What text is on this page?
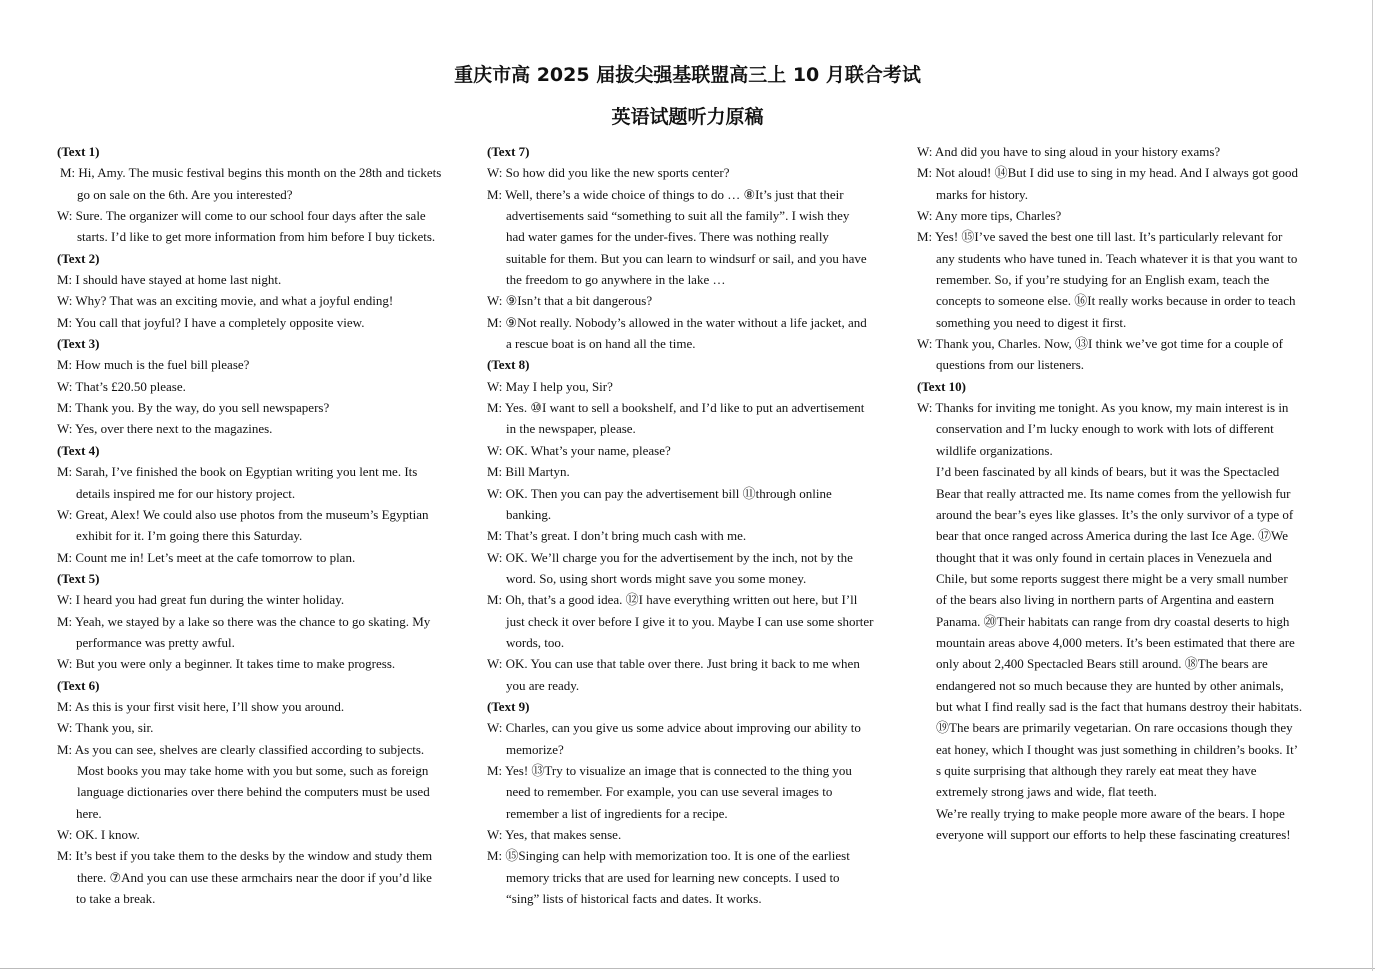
重庆市高 2025 届拔尖强基联盟高三上 10 月联合考试
英语试题听力原稿
(Text 1)
M: Hi, Amy. The music festival begins this month on the 28th and tickets
go on sale on the 6th. Are you interested?
W: Sure. The organizer will come to our school four days after the sale
starts. I’d like to get more information from him before I buy tickets.
(Text 2)
M: I should have stayed at home last night.
W: Why? That was an exciting movie, and what a joyful ending!
M: You call that joyful? I have a completely opposite view.
(Text 3)
M: How much is the fuel bill please?
W: That’s £20.50 please.
M: Thank you. By the way, do you sell newspapers?
W: Yes, over there next to the magazines.
(Text 4)
M: Sarah, I’ve finished the book on Egyptian writing you lent me. Its
details inspired me for our history project.
W: Great, Alex! We could also use photos from the museum’s Egyptian
exhibit for it. I’m going there this Saturday.
M: Count me in! Let’s meet at the cafe tomorrow to plan.
(Text 5)
W: I heard you had great fun during the winter holiday.
M: Yeah, we stayed by a lake so there was the chance to go skating. My
performance was pretty awful.
W: But you were only a beginner. It takes time to make progress.
(Text 6)
M: As this is your first visit here, I’ll show you around.
W: Thank you, sir.
M: As you can see, shelves are clearly classified according to subjects.
Most books you may take home with you but some, such as foreign
language dictionaries over there behind the computers must be used
here.
W: OK. I know.
M: It’s best if you take them to the desks by the window and study them
there. ⑦And you can use these armchairs near the door if you’d like
to take a break.
(Text 7)
W: So how did you like the new sports center?
M: Well, there’s a wide choice of things to do … ⑧It’s just that their
advertisements said “something to suit all the family”. I wish they
had water games for the under-fives. There was nothing really
suitable for them. But you can learn to windsurf or sail, and you have
the freedom to go anywhere in the lake …
W: ⑨Isn’t that a bit dangerous?
M: ⑨Not really. Nobody’s allowed in the water without a life jacket, and
a rescue boat is on hand all the time.
(Text 8)
W: May I help you, Sir?
M: Yes. ⑩I want to sell a bookshelf, and I’d like to put an advertisement
in the newspaper, please.
W: OK. What’s your name, please?
M: Bill Martyn.
W: OK. Then you can pay the advertisement bill ⑪through online
banking.
M: That’s great. I don’t bring much cash with me.
W: OK. We’ll charge you for the advertisement by the inch, not by the
word. So, using short words might save you some money.
M: Oh, that’s a good idea. ⑫I have everything written out here, but I’ll
just check it over before I give it to you. Maybe I can use some shorter
words, too.
W: OK. You can use that table over there. Just bring it back to me when
you are ready.
(Text 9)
W: Charles, can you give us some advice about improving our ability to
memorize?
M: Yes! ⑬Try to visualize an image that is connected to the thing you
need to remember. For example, you can use several images to
remember a list of ingredients for a recipe.
W: Yes, that makes sense.
M: ⑮Singing can help with memorization too. It is one of the earliest
memory tricks that are used for learning new concepts. I used to
“sing” lists of historical facts and dates. It works.
W: And did you have to sing aloud in your history exams?
M: Not aloud! ⑭But I did use to sing in my head. And I always got good
marks for history.
W: Any more tips, Charles?
M: Yes! ⑮I’ve saved the best one till last. It’s particularly relevant for
any students who have tuned in. Teach whatever it is that you want to
remember. So, if you’re studying for an English exam, teach the
concepts to someone else. ⑯It really works because in order to teach
something you need to digest it first.
W: Thank you, Charles. Now, ⑬I think we’ve got time for a couple of
questions from our listeners.
(Text 10)
W: Thanks for inviting me tonight. As you know, my main interest is in
conservation and I’m lucky enough to work with lots of different
wildlife organizations.
I’d been fascinated by all kinds of bears, but it was the Spectacled
Bear that really attracted me. Its name comes from the yellowish fur
around the bear’s eyes like glasses. It’s the only survivor of a type of
bear that once ranged across America during the last Ice Age. ⑰We
thought that it was only found in certain places in Venezuela and
Chile, but some reports suggest there might be a very small number
of the bears also living in northern parts of Argentina and eastern
Panama. ⑳Their habitats can range from dry coastal deserts to high
mountain areas above 4,000 meters. It’s been estimated that there are
only about 2,400 Spectacled Bears still around. ⑱The bears are
endangered not so much because they are hunted by other animals,
but what I find really sad is the fact that humans destroy their habitats.
⑲The bears are primarily vegetarian. On rare occasions though they
eat honey, which I thought was just something in children’s books. It’
s quite surprising that although they rarely eat meat they have
extremely strong jaws and wide, flat teeth.
We’re really trying to make people more aware of the bears. I hope
everyone will support our efforts to help these fascinating creatures!
